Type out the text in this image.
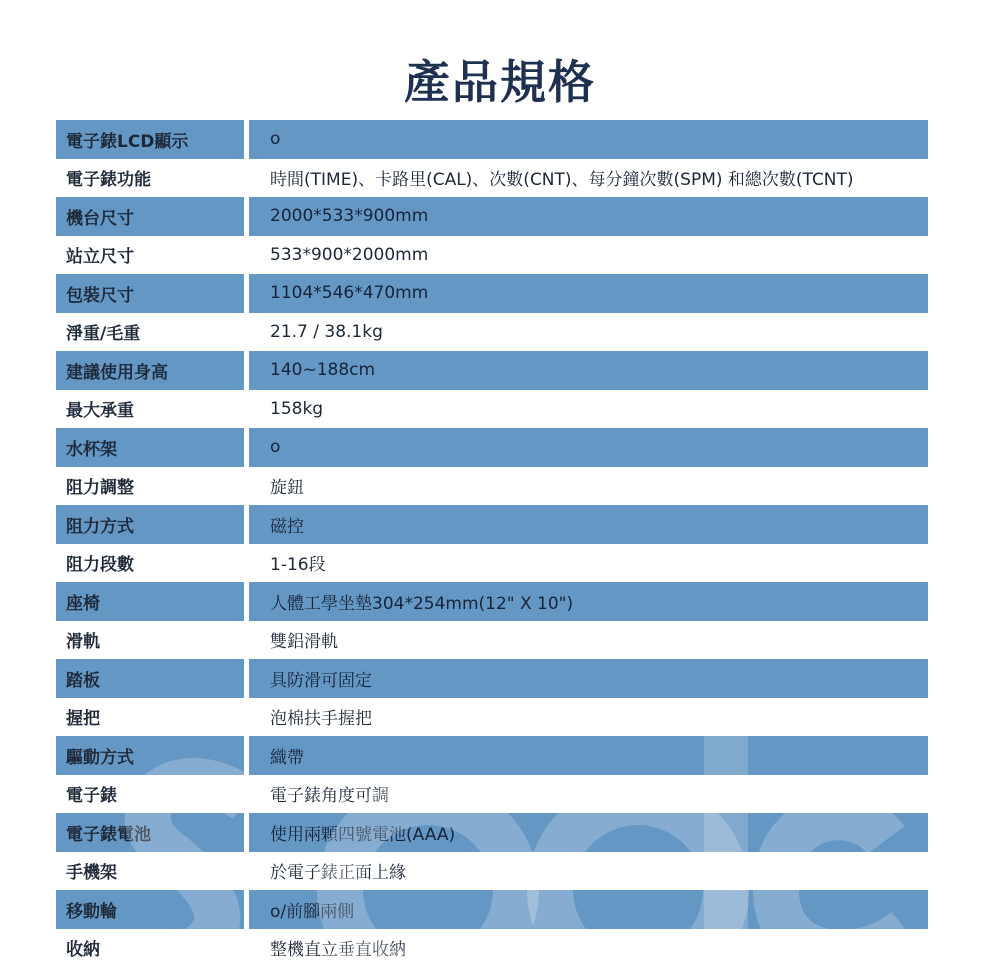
產品規格
電子錶LCD顯示	o
電子錶功能	時間(TIME)、卡路里(CAL)、次數(CNT)、每分鐘次數(SPM) 和總次數(TCNT)
機台尺寸	2000*533*900mm
站立尺寸	533*900*2000mm
包裝尺寸	1104*546*470mm
淨重/毛重	21.7 / 38.1kg
建議使用身高	140~188cm
最大承重	158kg
水杯架	o
阻力調整	旋鈕
阻力方式	磁控
阻力段數	1-16段
座椅	人體工學坐墊304*254mm(12" X 10")
滑軌	雙鋁滑軌
踏板	具防滑可固定
握把	泡棉扶手握把
驅動方式	織帶
電子錶	電子錶角度可調
電子錶電池	使用兩顆四號電池(AAA)
手機架	於電子錶正面上緣
移動輪	o/前腳兩側
收納	整機直立垂直收納
